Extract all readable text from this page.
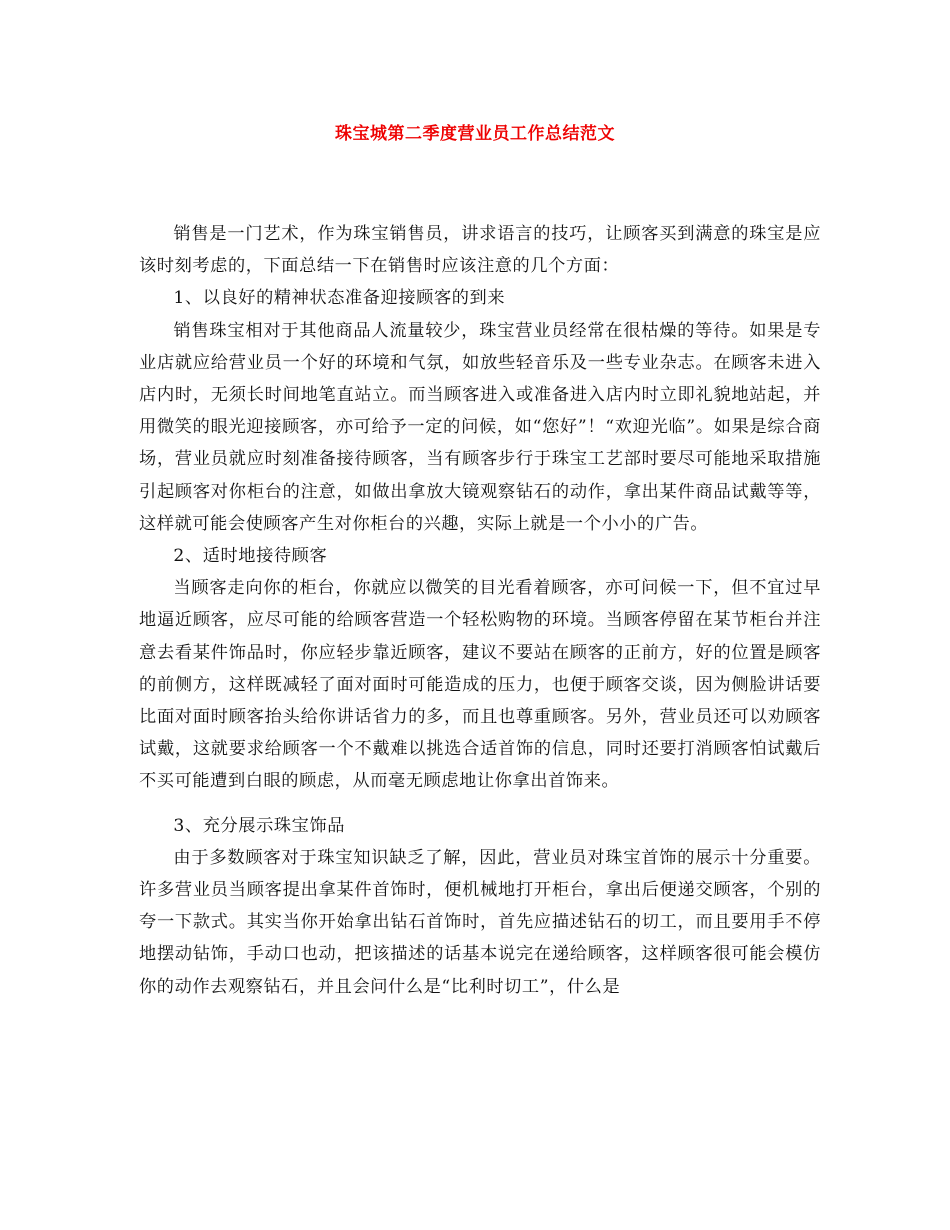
珠宝城第二季度营业员工作总结范文

销售是一门艺术，作为珠宝销售员，讲求语言的技巧，让顾客买到满意的珠宝是应该时刻考虑的，下面总结一下在销售时应该注意的几个方面：

1、以良好的精神状态准备迎接顾客的到来

销售珠宝相对于其他商品人流量较少，珠宝营业员经常在很枯燥的等待。如果是专业店就应给营业员一个好的环境和气氛，如放些轻音乐及一些专业杂志。在顾客未进入店内时，无须长时间地笔直站立。而当顾客进入或准备进入店内时立即礼貌地站起，并用微笑的眼光迎接顾客，亦可给予一定的问候，如“您好”！“欢迎光临”。如果是综合商场，营业员就应时刻准备接待顾客，当有顾客步行于珠宝工艺部时要尽可能地采取措施引起顾客对你柜台的注意，如做出拿放大镜观察钻石的动作，拿出某件商品试戴等等，这样就可能会使顾客产生对你柜台的兴趣，实际上就是一个小小的广告。

2、适时地接待顾客

当顾客走向你的柜台，你就应以微笑的目光看着顾客，亦可问候一下，但不宜过早地逼近顾客，应尽可能的给顾客营造一个轻松购物的环境。当顾客停留在某节柜台并注意去看某件饰品时，你应轻步靠近顾客，建议不要站在顾客的正前方，好的位置是顾客的前侧方，这样既减轻了面对面时可能造成的压力，也便于顾客交谈，因为侧脸讲话要比面对面时顾客抬头给你讲话省力的多，而且也尊重顾客。另外，营业员还可以劝顾客试戴，这就要求给顾客一个不戴难以挑选合适首饰的信息，同时还要打消顾客怕试戴后不买可能遭到白眼的顾虑，从而毫无顾虑地让你拿出首饰来。

3、充分展示珠宝饰品

由于多数顾客对于珠宝知识缺乏了解，因此，营业员对珠宝首饰的展示十分重要。许多营业员当顾客提出拿某件首饰时，便机械地打开柜台，拿出后便递交顾客，个别的夸一下款式。其实当你开始拿出钻石首饰时，首先应描述钻石的切工，而且要用手不停地摆动钻饰，手动口也动，把该描述的话基本说完在递给顾客，这样顾客很可能会模仿你的动作去观察钻石，并且会问什么是“比利时切工”，什么是
